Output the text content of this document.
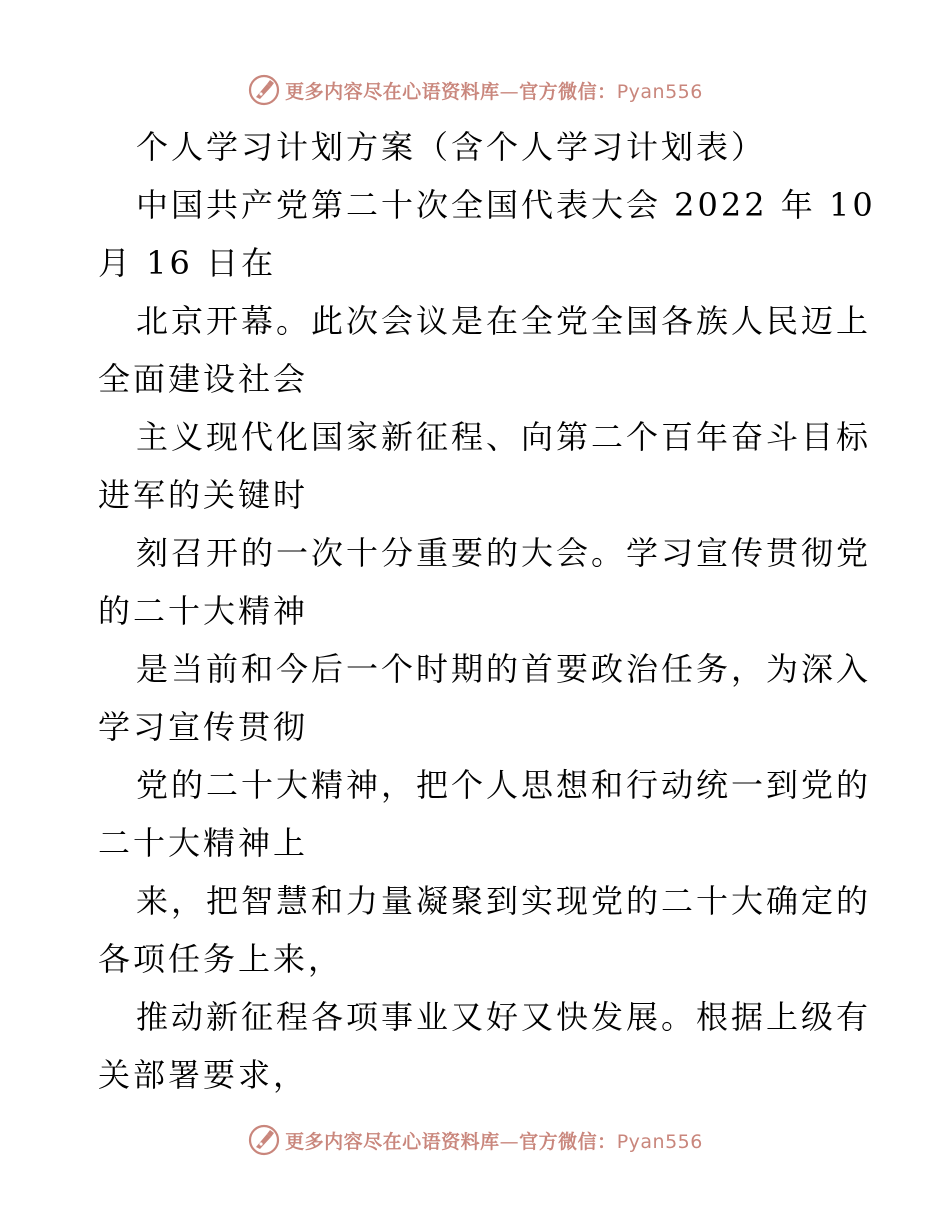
更多内容尽在心语资料库—官方微信：Pyan556
个人学习计划方案（含个人学习计划表）
中国共产党第二十次全国代表大会 2022 年 10
月 16 日在
北京开幕。此次会议是在全党全国各族人民迈上
全面建设社会
主义现代化国家新征程、向第二个百年奋斗目标
进军的关键时
刻召开的一次十分重要的大会。学习宣传贯彻党
的二十大精神
是当前和今后一个时期的首要政治任务，为深入
学习宣传贯彻
党的二十大精神，把个人思想和行动统一到党的
二十大精神上
来，把智慧和力量凝聚到实现党的二十大确定的
各项任务上来，
推动新征程各项事业又好又快发展。根据上级有
关部署要求，
更多内容尽在心语资料库—官方微信：Pyan556
